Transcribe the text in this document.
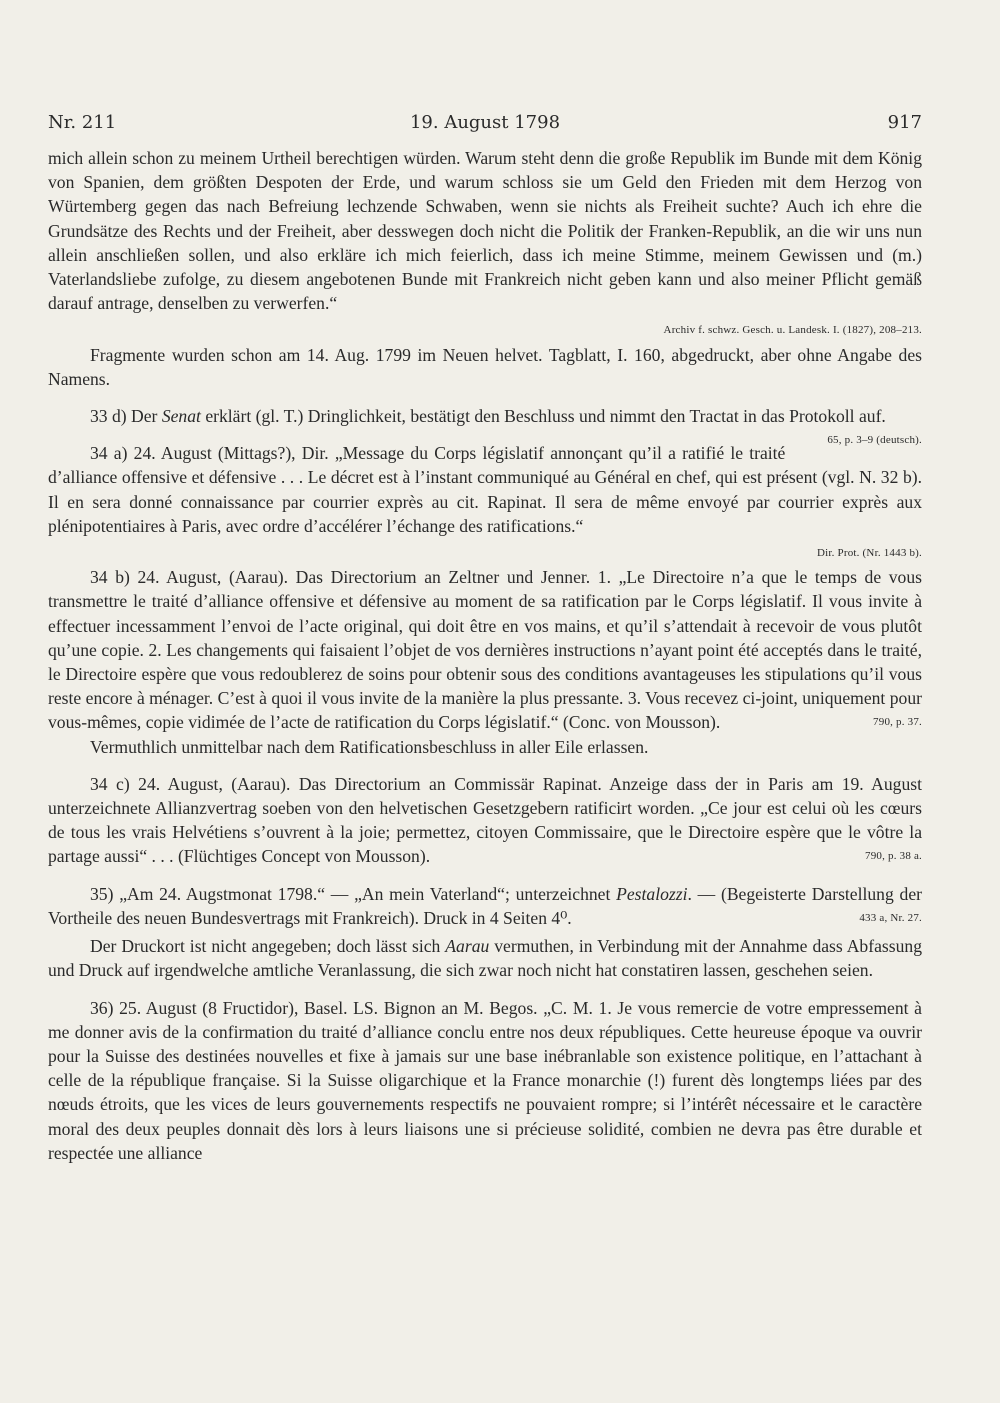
Nr. 211	19. August 1798	917

mich allein schon zu meinem Urtheil berechtigen würden. Warum steht denn die große Republik im Bunde mit dem König von Spanien, dem größten Despoten der Erde, und warum schloss sie um Geld den Frieden mit dem Herzog von Würtemberg gegen das nach Befreiung lechzende Schwaben, wenn sie nichts als Freiheit suchte? Auch ich ehre die Grundsätze des Rechts und der Freiheit, aber desswegen doch nicht die Politik der Franken-Republik, an die wir uns nun allein anschließen sollen, und also erkläre ich mich feierlich, dass ich meine Stimme, meinem Gewissen und (m.) Vaterlandsliebe zufolge, zu diesem angebotenen Bunde mit Frankreich nicht geben kann und also meiner Pflicht gemäß darauf antrage, denselben zu verwerfen.“

Archiv f. schwz. Gesch. u. Landesk. I. (1827), 208–213.

Fragmente wurden schon am 14. Aug. 1799 im Neuen helvet. Tagblatt, I. 160, abgedruckt, aber ohne Angabe des Namens.

33 d) Der Senat erklärt (gl. T.) Dringlichkeit, bestätigt den Beschluss und nimmt den Tractat in das Protokoll auf.
65, p. 3–9 (deutsch).

34 a) 24. August (Mittags?), Dir. „Message du Corps législatif annonçant qu’il a ratifié le traité d’alliance offensive et défensive . . . Le décret est à l’instant communiqué au Général en chef, qui est présent (vgl. N. 32 b). Il en sera donné connaissance par courrier exprès au cit. Rapinat. Il sera de même envoyé par courrier exprès aux plénipotentiaires à Paris, avec ordre d’accélérer l’échange des ratifications.“

Dir. Prot. (Nr. 1443 b).

34 b) 24. August, (Aarau). Das Directorium an Zeltner und Jenner. 1. „Le Directoire n’a que le temps de vous transmettre le traité d’alliance offensive et défensive au moment de sa ratification par le Corps législatif. Il vous invite à effectuer incessamment l’envoi de l’acte original, qui doit être en vos mains, et qu’il s’attendait à recevoir de vous plutôt qu’une copie. 2. Les changements qui faisaient l’objet de vos dernières instructions n’ayant point été acceptés dans le traité, le Directoire espère que vous redoublerez de soins pour obtenir sous des conditions avantageuses les stipulations qu’il vous reste encore à ménager. C’est à quoi il vous invite de la manière la plus pressante. 3. Vous recevez ci-joint, uniquement pour vous-mêmes, copie vidimée de l’acte de ratification du Corps législatif.“ (Conc. von Mousson).	790, p. 37.

Vermuthlich unmittelbar nach dem Ratificationsbeschluss in aller Eile erlassen.

34 c) 24. August, (Aarau). Das Directorium an Commissär Rapinat. Anzeige dass der in Paris am 19. August unterzeichnete Allianzvertrag soeben von den helvetischen Gesetzgebern ratificirt worden. „Ce jour est celui où les cœurs de tous les vrais Helvétiens s’ouvrent à la joie; permettez, citoyen Commissaire, que le Directoire espère que le vôtre la partage aussi“ . . . (Flüchtiges Concept von Mousson).	790, p. 38 a.

35) „Am 24. Augstmonat 1798.“ — „An mein Vaterland“; unterzeichnet Pestalozzi. — (Begeisterte Darstellung der Vortheile des neuen Bundesvertrags mit Frankreich). Druck in 4 Seiten 4⁰.	433 a, Nr. 27.

Der Druckort ist nicht angegeben; doch lässt sich Aarau vermuthen, in Verbindung mit der Annahme dass Abfassung und Druck auf irgendwelche amtliche Veranlassung, die sich zwar noch nicht hat constatiren lassen, geschehen seien.

36) 25. August (8 Fructidor), Basel. LS. Bignon an M. Begos. „C. M. 1. Je vous remercie de votre empressement à me donner avis de la confirmation du traité d’alliance conclu entre nos deux républiques. Cette heureuse époque va ouvrir pour la Suisse des destinées nouvelles et fixe à jamais sur une base inébranlable son existence politique, en l’attachant à celle de la république française. Si la Suisse oligarchique et la France monarchie (!) furent dès longtemps liées par des nœuds étroits, que les vices de leurs gouvernements respectifs ne pouvaient rompre; si l’intérêt nécessaire et le caractère moral des deux peuples donnait dès lors à leurs liaisons une si précieuse solidité, combien ne devra pas être durable et respectée une alliance
